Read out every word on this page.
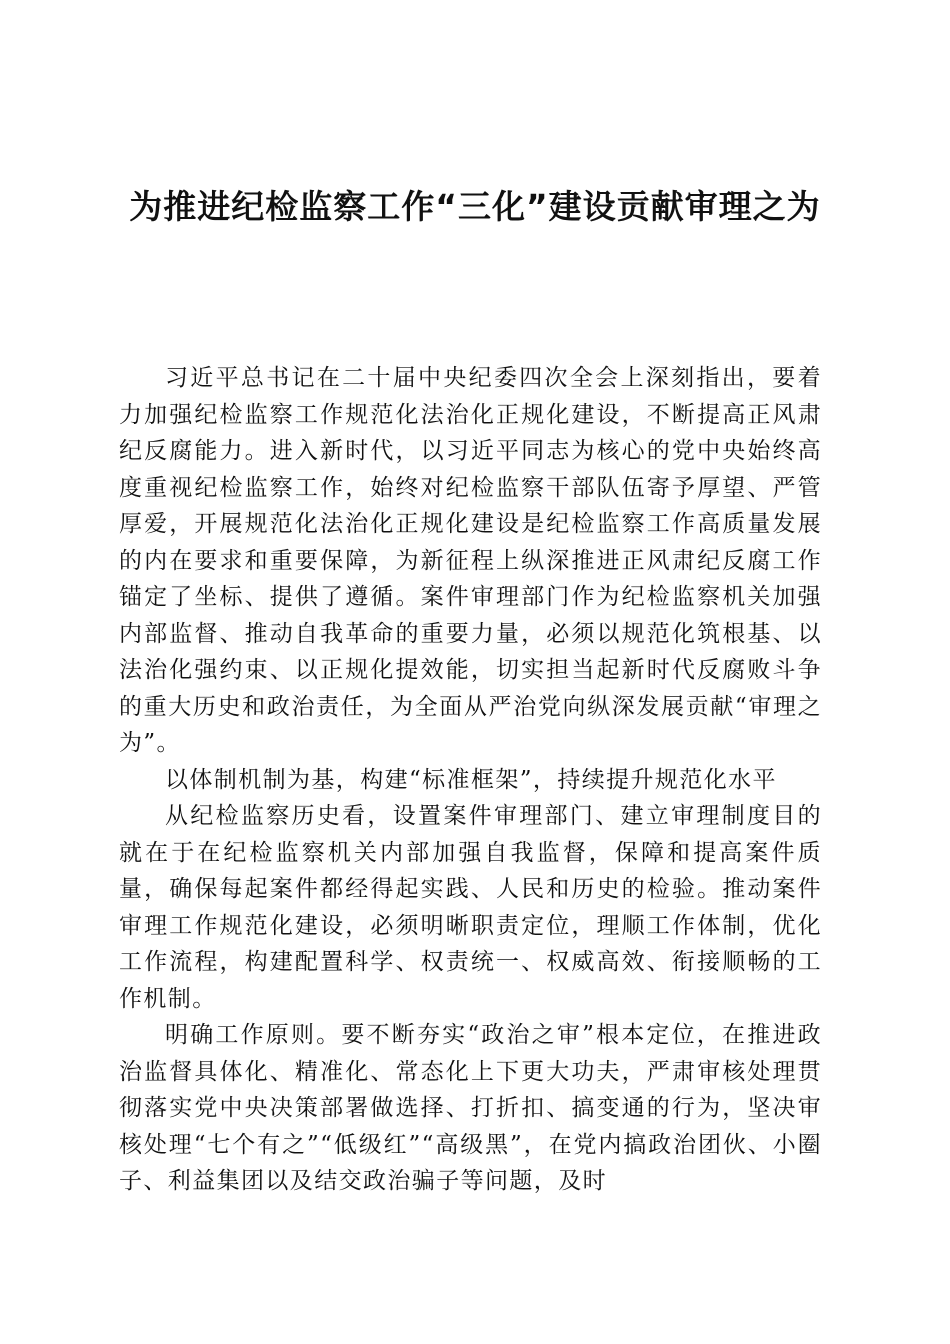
为推进纪检监察工作“三化”建设贡献审理之为

习近平总书记在二十届中央纪委四次全会上深刻指出，要着力加强纪检监察工作规范化法治化正规化建设，不断提高正风肃纪反腐能力。进入新时代，以习近平同志为核心的党中央始终高度重视纪检监察工作，始终对纪检监察干部队伍寄予厚望、严管厚爱，开展规范化法治化正规化建设是纪检监察工作高质量发展的内在要求和重要保障，为新征程上纵深推进正风肃纪反腐工作锚定了坐标、提供了遵循。案件审理部门作为纪检监察机关加强内部监督、推动自我革命的重要力量，必须以规范化筑根基、以法治化强约束、以正规化提效能，切实担当起新时代反腐败斗争的重大历史和政治责任，为全面从严治党向纵深发展贡献“审理之为”。

以体制机制为基，构建“标准框架”，持续提升规范化水平

从纪检监察历史看，设置案件审理部门、建立审理制度目的就在于在纪检监察机关内部加强自我监督，保障和提高案件质量，确保每起案件都经得起实践、人民和历史的检验。推动案件审理工作规范化建设，必须明晰职责定位，理顺工作体制，优化工作流程，构建配置科学、权责统一、权威高效、衔接顺畅的工作机制。

明确工作原则。要不断夯实“政治之审”根本定位，在推进政治监督具体化、精准化、常态化上下更大功夫，严肃审核处理贯彻落实党中央决策部署做选择、打折扣、搞变通的行为，坚决审核处理“七个有之”“低级红”“高级黑”，在党内搞政治团伙、小圈子、利益集团以及结交政治骗子等问题，及时
